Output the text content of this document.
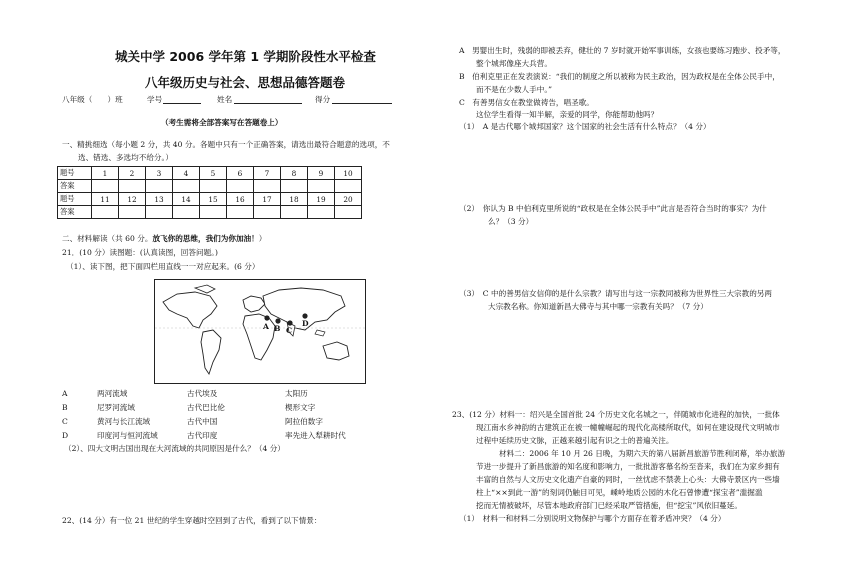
城关中学 2006 学年第 1 学期阶段性水平检查
八年级历史与社会、思想品德答题卷
八年级（　　）班	学号	姓名	得分
（考生需将全部答案写在答题卷上）
一、精挑细选（每小题 2 分，共 40 分。各题中只有一个正确答案，请选出最符合题意的选项，不
选、错选、多选均不给分。）
题号	1	2	3	4	5	6	7	8	9	10
答案										
题号	11	12	13	14	15	16	17	18	19	20
答案										
二、材料解读（共 60 分。放飞你的思维，我们为你加油！）
21．(10 分）读图题：(认真读图，回答问题。)
（1）、读下图，把下面四栏用直线一一对应起来。(6 分）
A B C
D
A	两河流域	古代埃及	太阳历
B	尼罗河流域	古代巴比伦	楔形文字
C	黄河与长江流域	古代中国	阿拉伯数字
D	印度河与恒河流域	古代印度	率先进入犁耕时代
（2）、四大文明古国出现在大河流域的共同原因是什么？（4 分）
22、(14 分）有一位 21 世纪的学生穿越时空回到了古代，看到了以下情景：
A　男婴出生时，残弱的即被丢弃，健壮的 7 岁时就开始军事训练，女孩也要练习跑步、投矛等，
整个城邦像座大兵营。
B　伯利克里正在发表演说：“我们的制度之所以被称为民主政治，因为政权是在全体公民手中，
而不是在少数人手中。”
C　有善男信女在教堂做祷告，唱圣歌。
这位学生看得一知半解，亲爱的同学，你能帮助他吗？
（1）　A 是古代哪个城邦国家？这个国家的社会生活有什么特点？（4 分）
（2）　你认为 B 中伯利克里所说的“政权是在全体公民手中”此言是否符合当时的事实？为什
么？（3 分）
（3）　C 中的善男信女信仰的是什么宗教？请写出与这一宗教同被称为世界性三大宗教的另两
大宗教名称。你知道新昌大佛寺与其中哪一宗教有关吗？（7 分）
23、(12 分）材料一：绍兴是全国首批 24 个历史文化名城之一，伴随城市化进程的加快，一批体
现江南水乡神韵的古建筑正在被一幢幢崛起的现代化高楼所取代，如何在建设现代文明城市
过程中延续历史文脉，正越来越引起有识之士的普遍关注。
材料二：2006 年 10 月 26 日晚，为期六天的第八届新昌旅游节胜利闭幕，举办旅游
节进一步提升了新昌旅游的知名度和影响力，一批批游客慕名纷至沓来，我们在为家乡拥有
丰富的自然与人文历史文化遗产自豪的同时，一丝忧虑不禁袭上心头：大佛寺景区内一些墙
柱上“××到此一游”的刻词仍触目可见，嵊岭地质公园的木化石曾惨遭“探宝者”滥掘滥
挖而无情被破坏，尽管本地政府部门已经采取严管措施，但“挖宝”风依旧蔓延。
（1）　材料一和材料二分别说明文物保护与哪个方面存在着矛盾冲突？（4 分）
